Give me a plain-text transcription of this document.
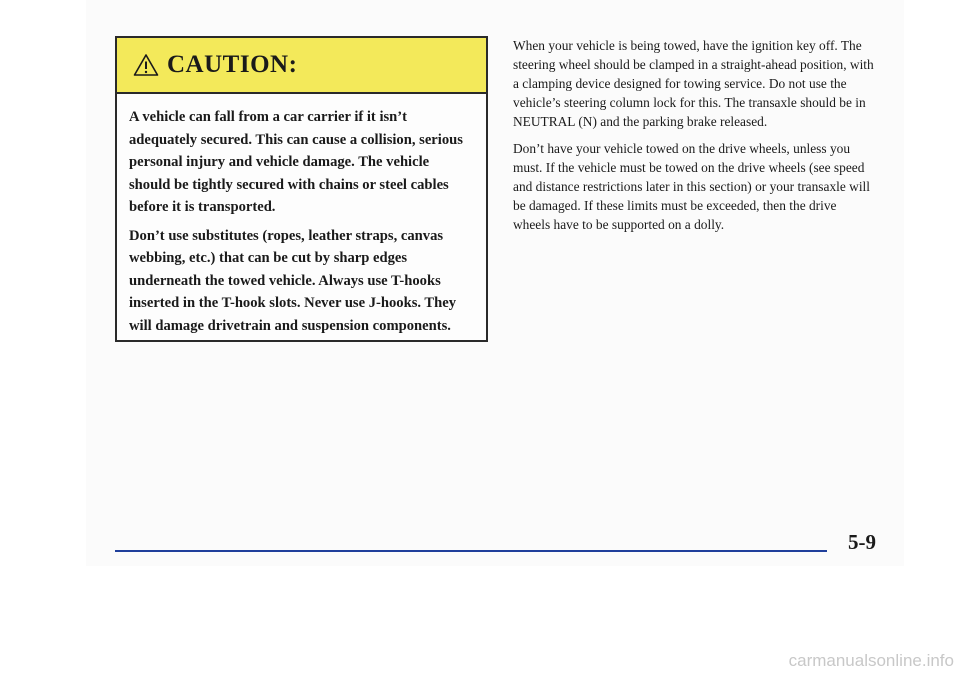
CAUTION:

A vehicle can fall from a car carrier if it isn’t adequately secured. This can cause a collision, serious personal injury and vehicle damage. The vehicle should be tightly secured with chains or steel cables before it is transported.

Don’t use substitutes (ropes, leather straps, canvas webbing, etc.) that can be cut by sharp edges underneath the towed vehicle. Always use T-hooks inserted in the T-hook slots. Never use J-hooks. They will damage drivetrain and suspension components.

When your vehicle is being towed, have the ignition key off. The steering wheel should be clamped in a straight-ahead position, with a clamping device designed for towing service. Do not use the vehicle’s steering column lock for this. The transaxle should be in NEUTRAL (N) and the parking brake released.

Don’t have your vehicle towed on the drive wheels, unless you must. If the vehicle must be towed on the drive wheels (see speed and distance restrictions later in this section) or your transaxle will be damaged. If these limits must be exceeded, then the drive wheels have to be supported on a dolly.

5-9
carmanualsonline.info
